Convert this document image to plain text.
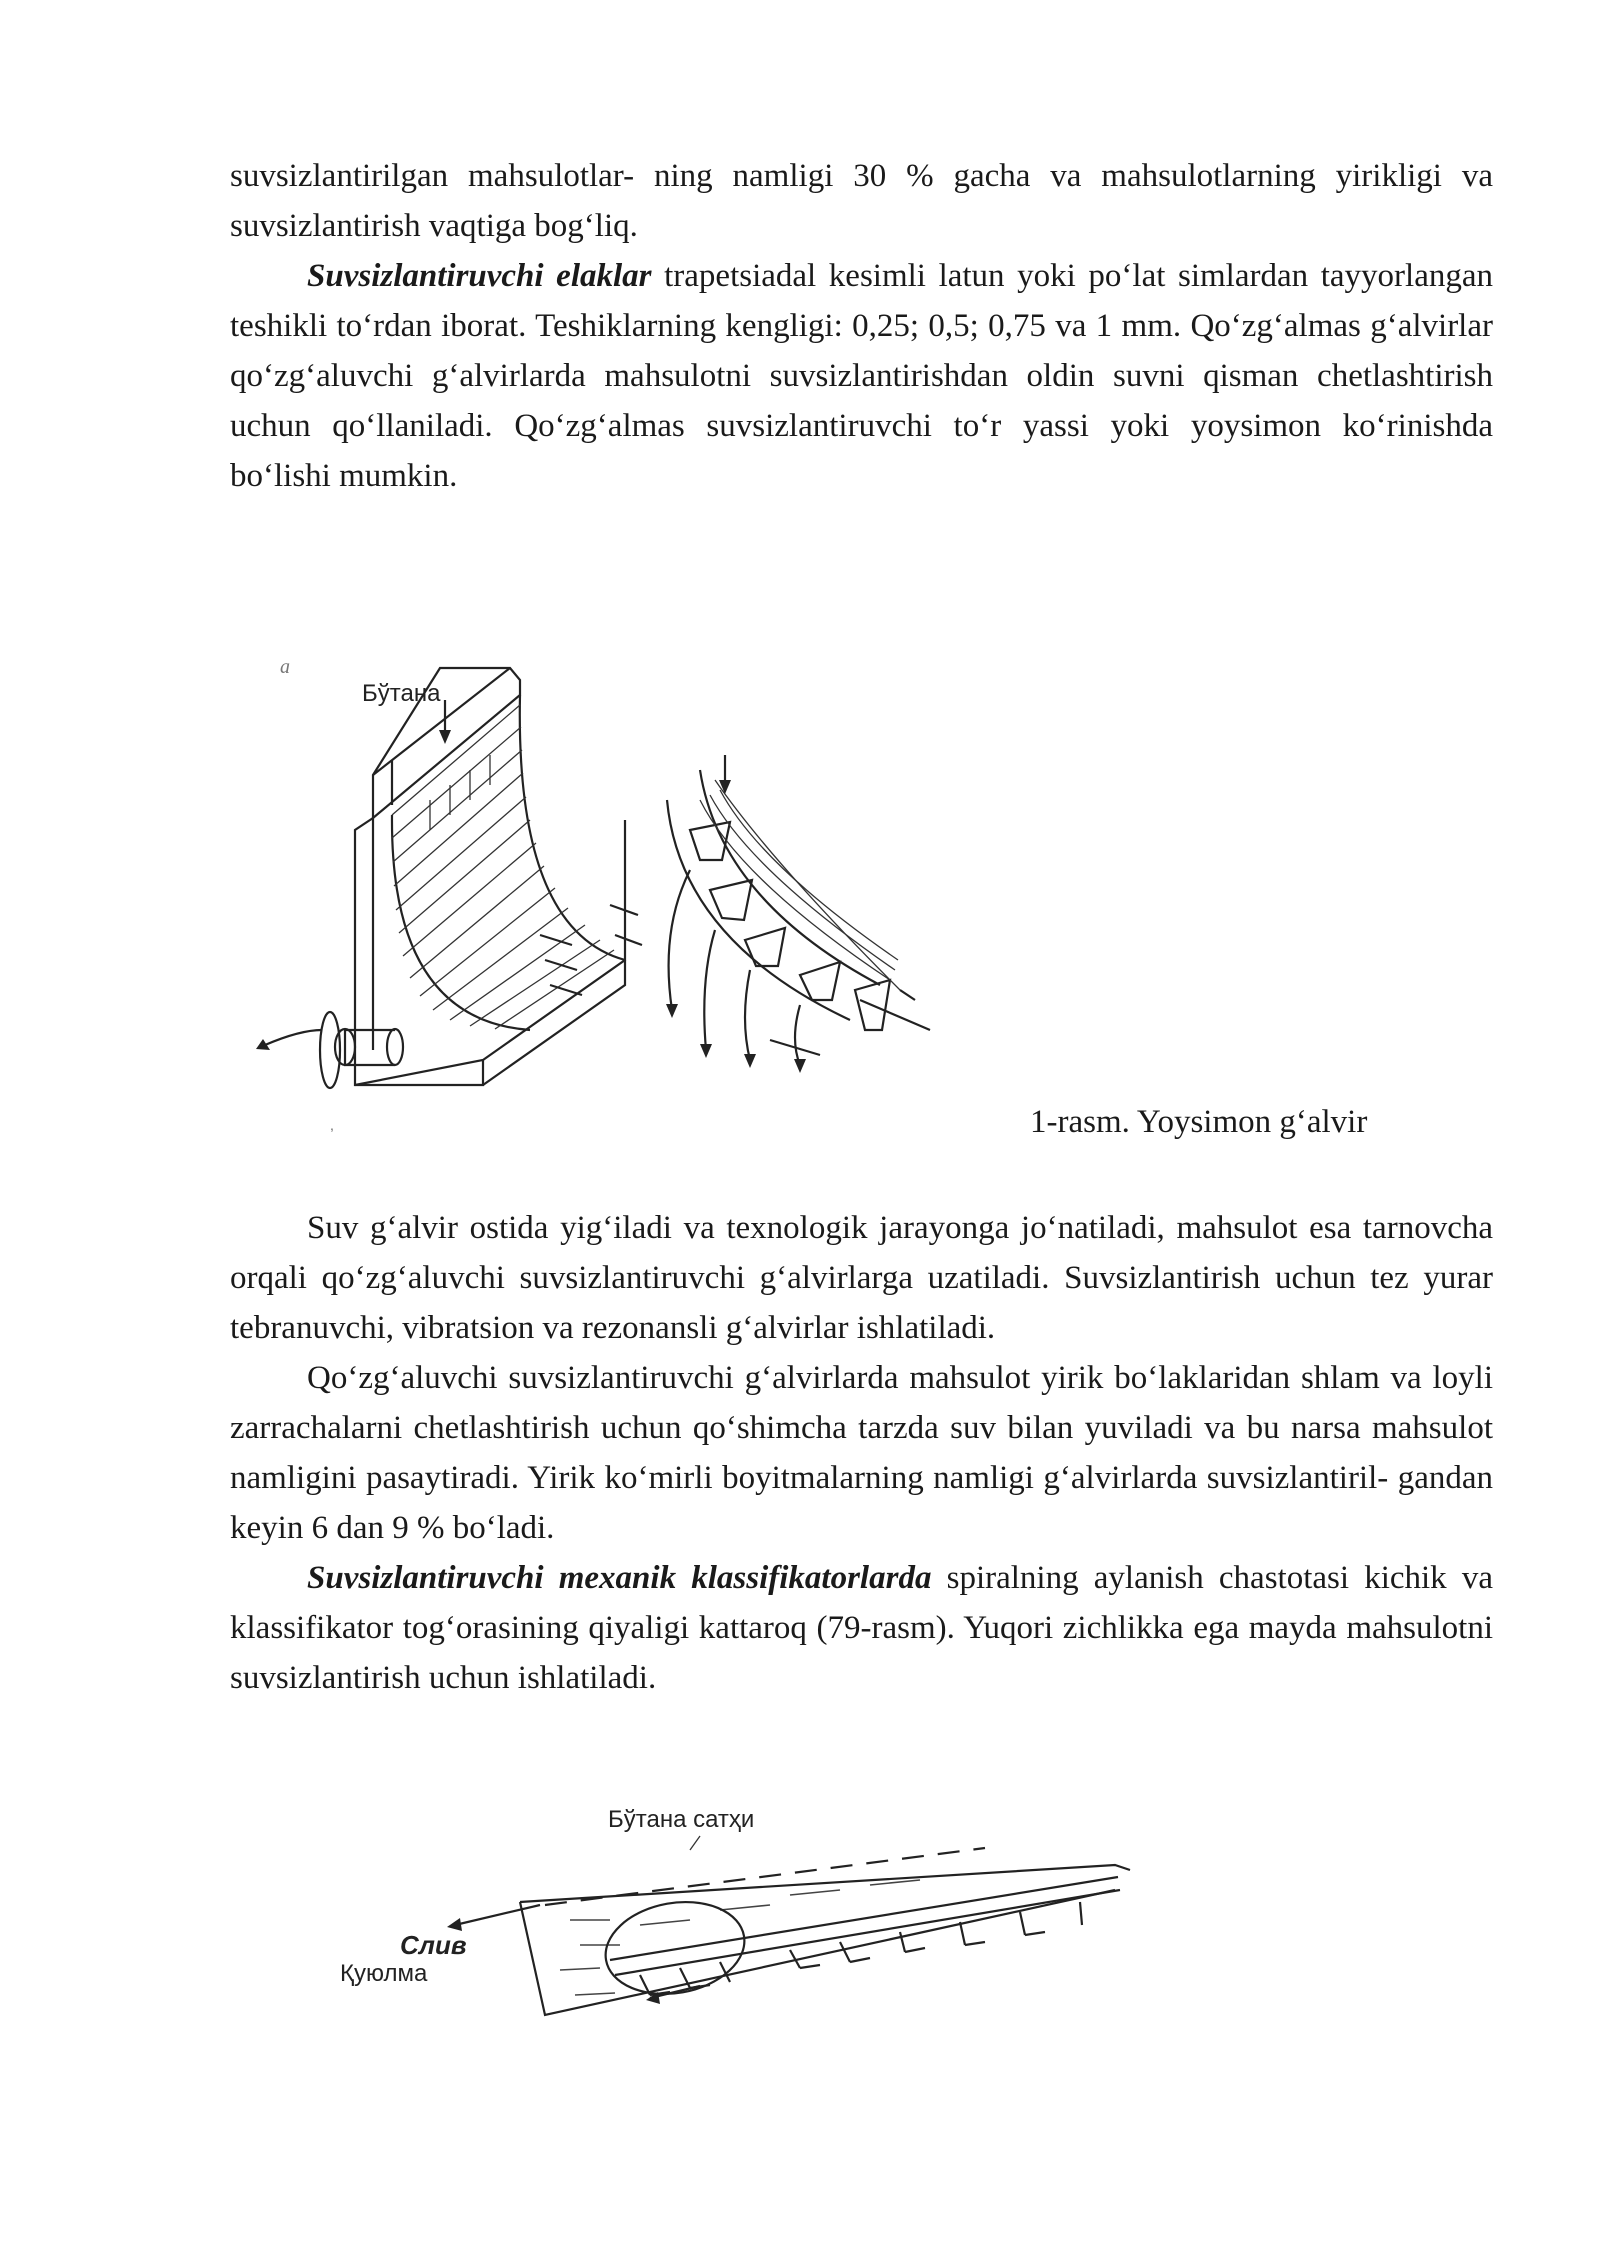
suvsizlantirilgan mahsulotlar- ning namligi 30 % gacha va mahsulotlarning yirikligi va suvsizlantirish vaqtiga bog‘liq.

Suvsizlantiruvchi elaklar trapetsiadal kesimli latun yoki po‘lat simlardan tayyorlangan teshikli to‘rdan iborat. Teshiklarning kengligi: 0,25; 0,5; 0,75 va 1 mm. Qo‘zg‘almas g‘alvirlar qo‘zg‘aluvchi g‘alvirlarda mahsulotni suvsizlantirishdan oldin suvni qisman chetlashtirish uchun qo‘llaniladi. Qo‘zg‘almas suvsizlantiruvchi to‘r yassi yoki yoysimon ko‘rinishda bo‘lishi mumkin.

a
Бўтана
,	1-rasm. Yoysimon g‘alvir

Suv g‘alvir ostida yig‘iladi va texnologik jarayonga jo‘natiladi, mahsulot esa tarnovcha orqali qo‘zg‘aluvchi suvsizlantiruvchi g‘alvirlarga uzatiladi. Suvsizlantirish uchun tez yurar tebranuvchi, vibratsion va rezonansli g‘alvirlar ishlatiladi.

Qo‘zg‘aluvchi suvsizlantiruvchi g‘alvirlarda mahsulot yirik bo‘laklaridan shlam va loyli zarrachalarni chetlashtirish uchun qo‘shimcha tarzda suv bilan yuviladi va bu narsa mahsulot namligini pasaytiradi. Yirik ko‘mirli boyitmalarning namligi g‘alvirlarda suvsizlantiril- gandan keyin 6 dan 9 % bo‘ladi.

Suvsizlantiruvchi mexanik klassifikatorlarda spiralning aylanish chastotasi kichik va klassifikator tog‘orasining qiyaligi kattaroq (79-rasm). Yuqori zichlikka ega mayda mahsulotni suvsizlantirish uchun ishlatiladi.

Бўтана сатҳи
Слив
Қуюлма
